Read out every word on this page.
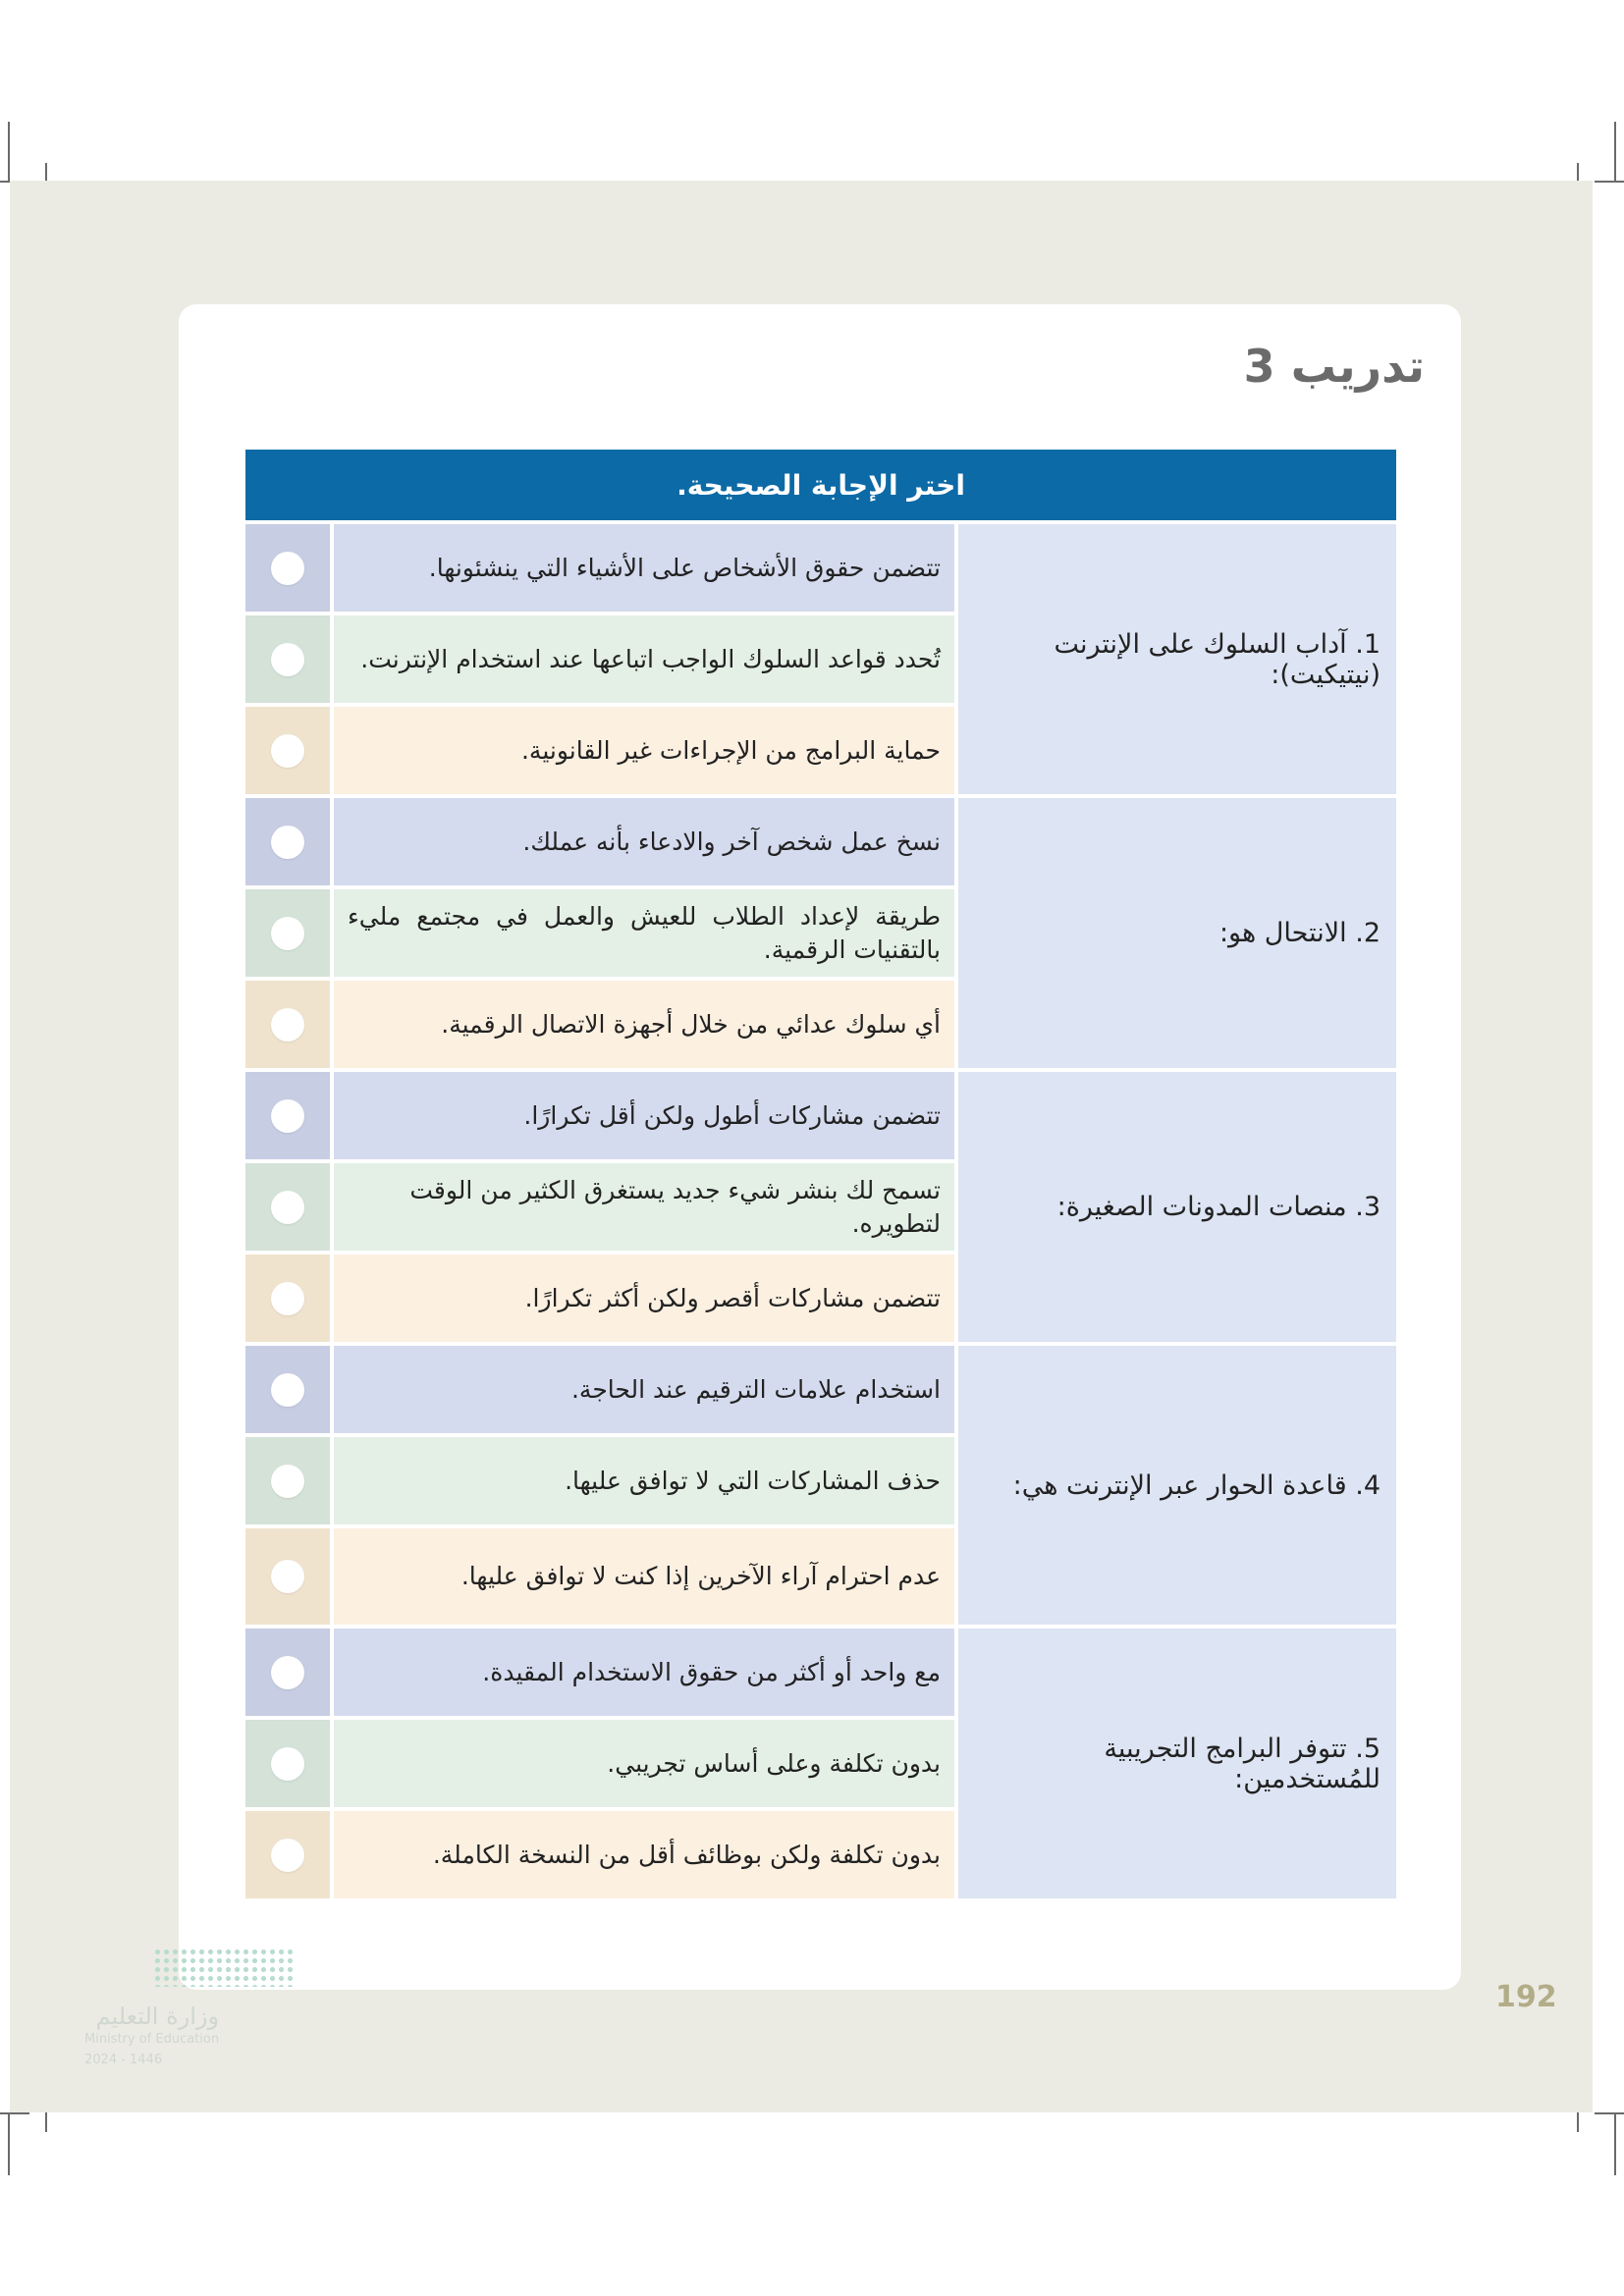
تدريب 3
اختر الإجابة الصحيحة.
1. آداب السلوك على الإنترنت (نيتيكيت):
تتضمن حقوق الأشخاص على الأشياء التي ينشئونها.
تُحدد قواعد السلوك الواجب اتباعها عند استخدام الإنترنت.
حماية البرامج من الإجراءات غير القانونية.
2. الانتحال هو:
نسخ عمل شخص آخر والادعاء بأنه عملك.
طريقة لإعداد الطلاب للعيش والعمل في مجتمع مليء بالتقنيات الرقمية.
أي سلوك عدائي من خلال أجهزة الاتصال الرقمية.
3. منصات المدونات الصغيرة:
تتضمن مشاركات أطول ولكن أقل تكرارًا.
تسمح لك بنشر شيء جديد يستغرق الكثير من الوقت لتطويره.
تتضمن مشاركات أقصر ولكن أكثر تكرارًا.
4. قاعدة الحوار عبر الإنترنت هي:
استخدام علامات الترقيم عند الحاجة.
حذف المشاركات التي لا توافق عليها.
عدم احترام آراء الآخرين إذا كنت لا توافق عليها.
5. تتوفر البرامج التجريبية للمُستخدمين:
مع واحد أو أكثر من حقوق الاستخدام المقيدة.
بدون تكلفة وعلى أساس تجريبي.
بدون تكلفة ولكن بوظائف أقل من النسخة الكاملة.

وزارة التعليم

Ministry of Education

2024 - 1446

192
